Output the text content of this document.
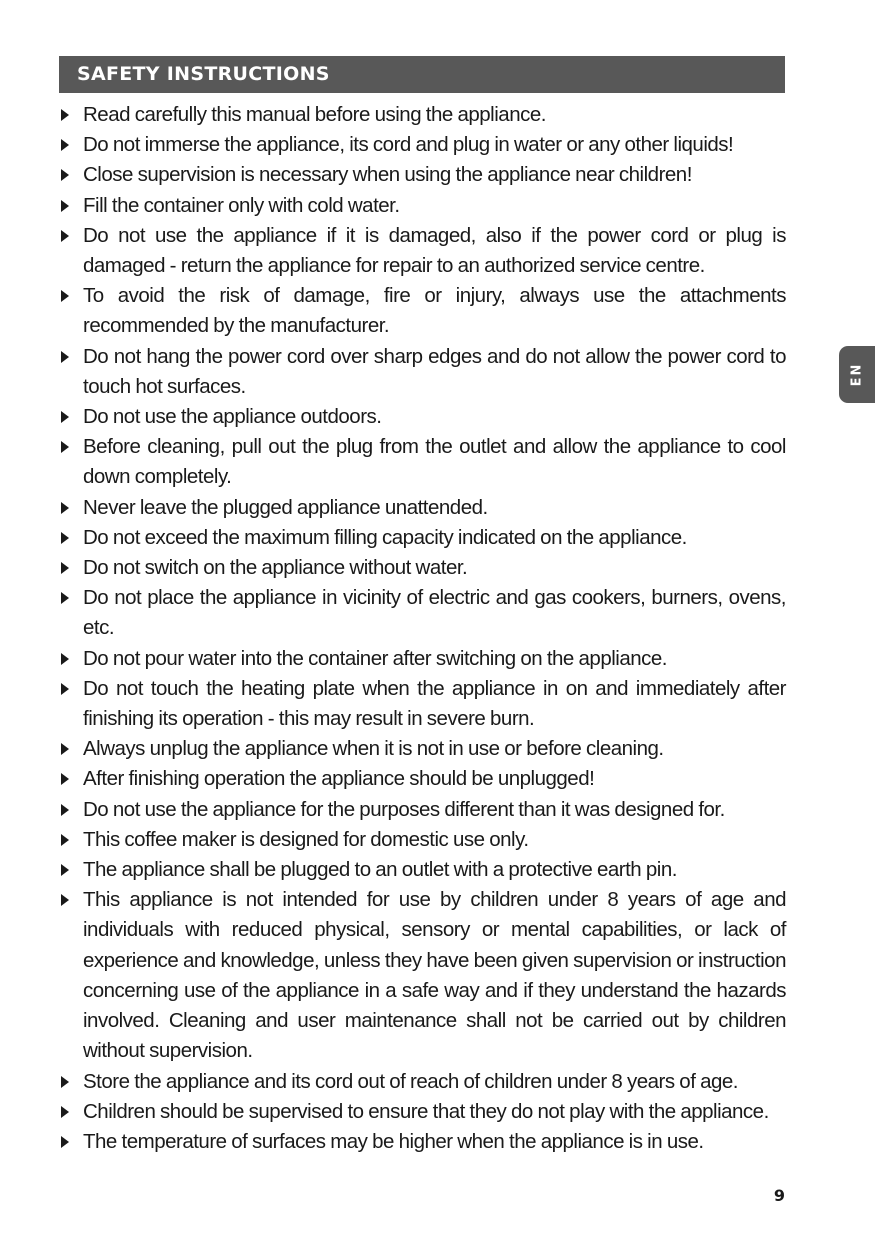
SAFETY INSTRUCTIONS
EN
Read carefully this manual before using the appliance.
Do not immerse the appliance, its cord and plug in water or any other liquids!
Close supervision is necessary when using the appliance near children!
Fill the container only with cold water.
Do not use the appliance if it is damaged, also if the power cord or plug is damaged - return the appliance for repair to an authorized service centre.
To avoid the risk of damage, fire or injury, always use the attachments recommended by the manufacturer.
Do not hang the power cord over sharp edges and do not allow the power cord to touch hot surfaces.
Do not use the appliance outdoors.
Before cleaning, pull out the plug from the outlet and allow the appliance to cool down completely.
Never leave the plugged appliance unattended.
Do not exceed the maximum filling capacity indicated on the appliance.
Do not switch on the appliance without water.
Do not place the appliance in vicinity of electric and gas cookers, burners, ovens, etc.
Do not pour water into the container after switching on the appliance.
Do not touch the heating plate when the appliance in on and immediately after finishing its operation - this may result in severe burn.
Always unplug the appliance when it is not in use or before cleaning.
After finishing operation the appliance should be unplugged!
Do not use the appliance for the purposes different than it was designed for.
This coffee maker is designed for domestic use only.
The appliance shall be plugged to an outlet with a protective earth pin.
This appliance is not intended for use by children under 8 years of age and individuals with reduced physical, sensory or mental capabilities, or lack of experience and knowledge, unless they have been given supervision or instruction concerning use of the appliance in a safe way and if they understand the hazards involved. Cleaning and user maintenance shall not be carried out by children without supervision.
Store the appliance and its cord out of reach of children under 8 years of age.
Children should be supervised to ensure that they do not play with the appliance.
The temperature of surfaces may be higher when the appliance is in use.
9
